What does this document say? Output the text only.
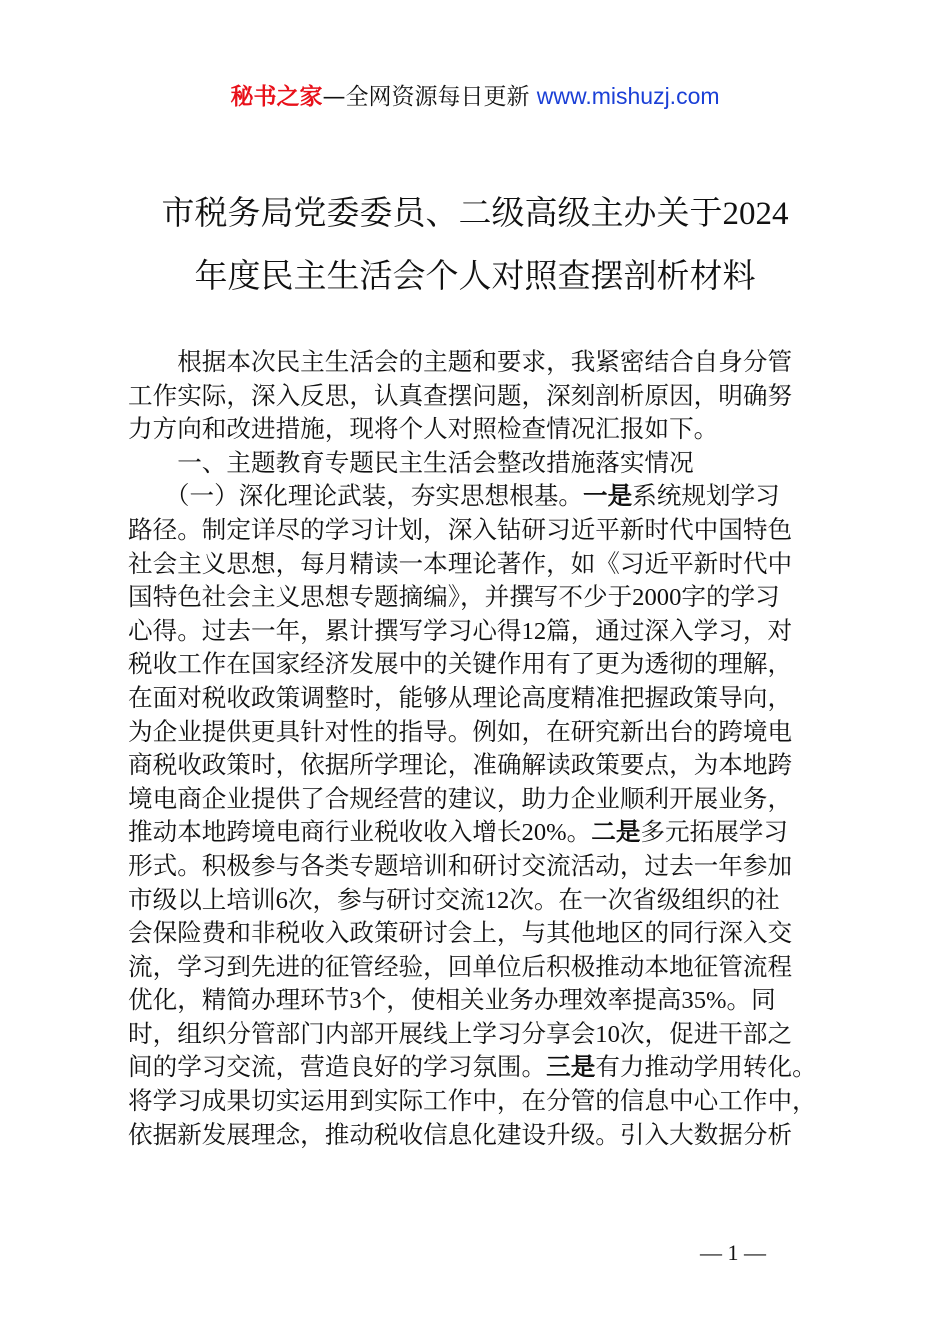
秘书之家—全网资源每日更新 www.mishuzj.com
市税务局党委委员、二级高级主办关于2024
年度民主生活会个人对照查摆剖析材料
　　根据本次民主生活会的主题和要求，我紧密结合自身分管
工作实际，深入反思，认真查摆问题，深刻剖析原因，明确努
力方向和改进措施，现将个人对照检查情况汇报如下。
　　一、主题教育专题民主生活会整改措施落实情况
　　（一）深化理论武装，夯实思想根基。一是系统规划学习
路径。制定详尽的学习计划，深入钻研习近平新时代中国特色
社会主义思想，每月精读一本理论著作，如《习近平新时代中
国特色社会主义思想专题摘编》，并撰写不少于2000字的学习
心得。过去一年，累计撰写学习心得12篇，通过深入学习，对
税收工作在国家经济发展中的关键作用有了更为透彻的理解，
在面对税收政策调整时，能够从理论高度精准把握政策导向，
为企业提供更具针对性的指导。例如，在研究新出台的跨境电
商税收政策时，依据所学理论，准确解读政策要点，为本地跨
境电商企业提供了合规经营的建议，助力企业顺利开展业务，
推动本地跨境电商行业税收收入增长20%。二是多元拓展学习
形式。积极参与各类专题培训和研讨交流活动，过去一年参加
市级以上培训6次，参与研讨交流12次。在一次省级组织的社
会保险费和非税收入政策研讨会上，与其他地区的同行深入交
流，学习到先进的征管经验，回单位后积极推动本地征管流程
优化，精简办理环节3个，使相关业务办理效率提高35%。同
时，组织分管部门内部开展线上学习分享会10次，促进干部之
间的学习交流，营造良好的学习氛围。三是有力推动学用转化。
将学习成果切实运用到实际工作中，在分管的信息中心工作中，
依据新发展理念，推动税收信息化建设升级。引入大数据分析
— 1 —
